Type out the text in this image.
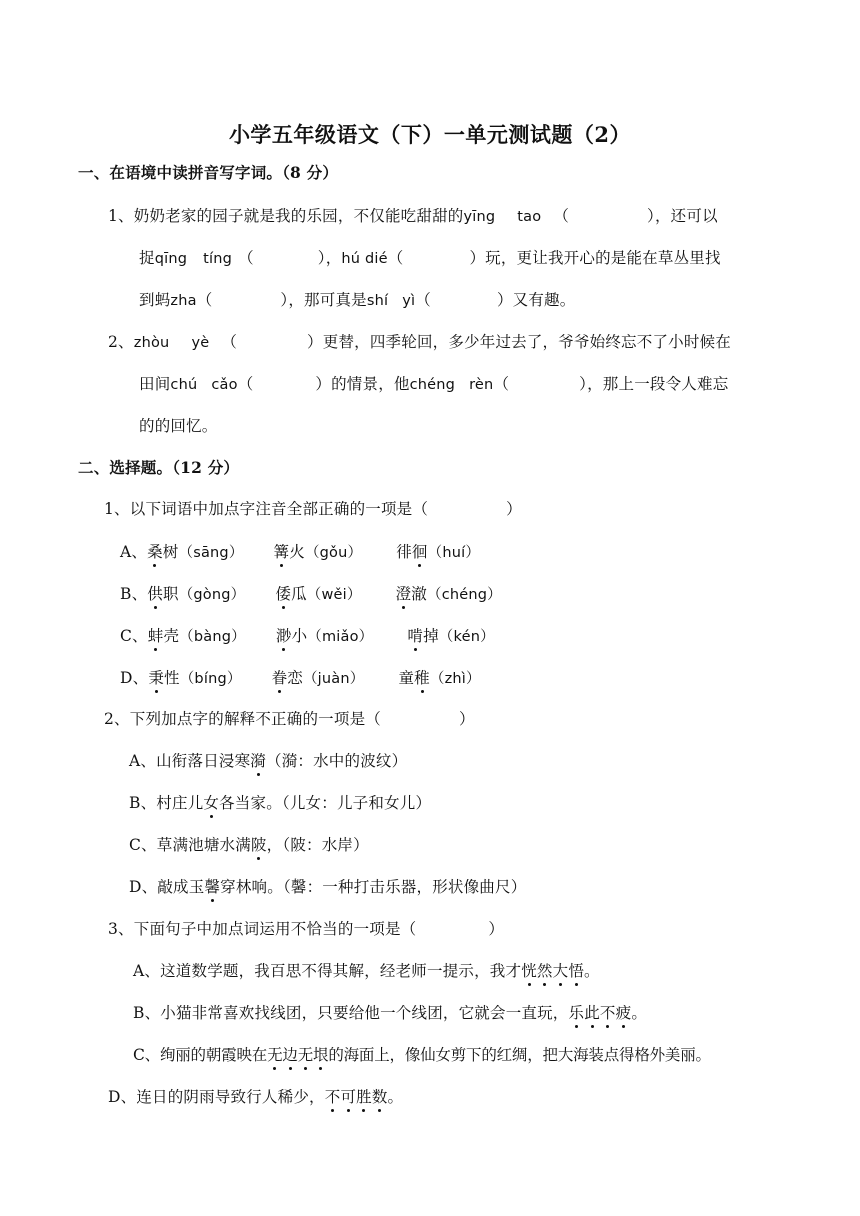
小学五年级语文（下）一单元测试题（2）
一、在语境中读拼音写字词。（8 分）
1、奶奶老家的园子就是我的乐园，不仅能吃甜甜的yīng tao （	），还可以
捉qīng tíng （	），hú dié（	）玩，更让我开心的是能在草丛里找
到蚂zha（	），那可真是shí yì（	）又有趣。
2、zhòu yè （	）更替，四季轮回，多少年过去了，爷爷始终忘不了小时候在
田间chú cǎo（	）的情景，他chéng rèn（	），那上一段令人难忘
的的回忆。
二、选择题。（12 分）
1、以下词语中加点字注音全部正确的一项是（	）
A、桑树（sāng） 篝火（gǒu） 徘徊（huí）
B、供职（gòng） 倭瓜（wěi） 澄澈（chéng）
C、蚌壳（bàng） 渺小（miǎo） 啃掉（kén）
D、秉性（bíng） 眷恋（juàn） 童稚（zhì）
2、下列加点字的解释不正确的一项是（	）
A、山衔落日浸寒漪（漪：水中的波纹）
B、村庄儿女各当家。（儿女：儿子和女儿）
C、草满池塘水满陂，（陂：水岸）
D、敲成玉馨穿林响。（馨：一种打击乐器，形状像曲尺）
3、下面句子中加点词运用不恰当的一项是（	）
A、这道数学题，我百思不得其解，经老师一提示，我才恍然大悟。
B、小猫非常喜欢找线团，只要给他一个线团，它就会一直玩，乐此不疲。
C、绚丽的朝霞映在无边无垠的海面上，像仙女剪下的红绸，把大海装点得格外美丽。
D、连日的阴雨导致行人稀少，不可胜数。
